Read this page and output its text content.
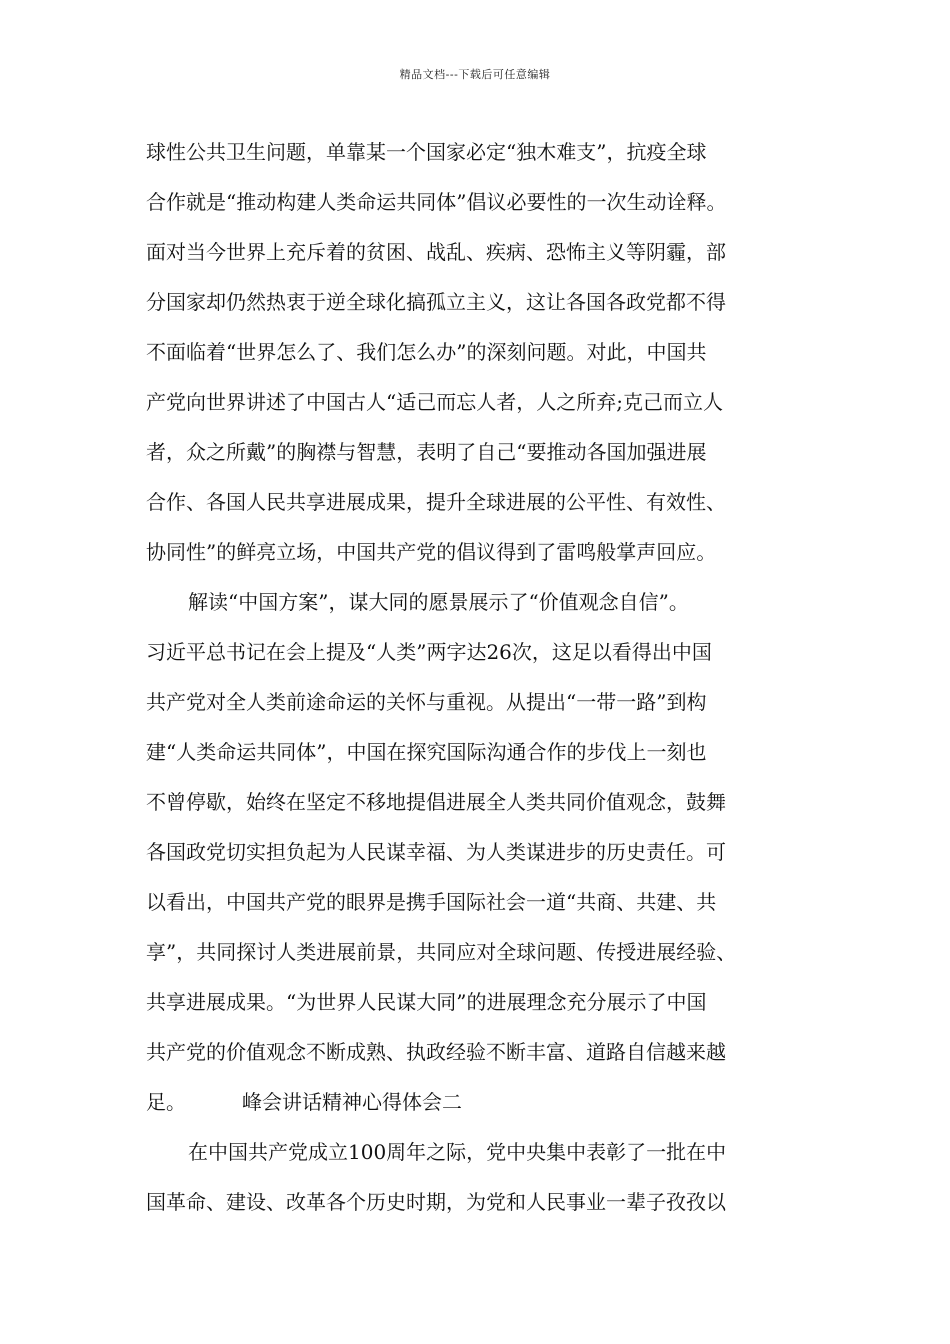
精品文档---下载后可任意编辑
球性公共卫生问题，单靠某一个国家必定“独木难支”，抗疫全球
合作就是“推动构建人类命运共同体”倡议必要性的一次生动诠释。
面对当今世界上充斥着的贫困、战乱、疾病、恐怖主义等阴霾，部
分国家却仍然热衷于逆全球化搞孤立主义，这让各国各政党都不得
不面临着“世界怎么了、我们怎么办”的深刻问题。对此，中国共
产党向世界讲述了中国古人“适己而忘人者，人之所弃;克己而立人
者，众之所戴”的胸襟与智慧，表明了自己“要推动各国加强进展
合作、各国人民共享进展成果，提升全球进展的公平性、有效性、
协同性”的鲜亮立场，中国共产党的倡议得到了雷鸣般掌声回应。
解读“中国方案”，谋大同的愿景展示了“价值观念自信”。
习近平总书记在会上提及“人类”两字达26次，这足以看得出中国
共产党对全人类前途命运的关怀与重视。从提出“一带一路”到构
建“人类命运共同体”，中国在探究国际沟通合作的步伐上一刻也
不曾停歇，始终在坚定不移地提倡进展全人类共同价值观念，鼓舞
各国政党切实担负起为人民谋幸福、为人类谋进步的历史责任。可
以看出，中国共产党的眼界是携手国际社会一道“共商、共建、共
享”，共同探讨人类进展前景，共同应对全球问题、传授进展经验、
共享进展成果。“为世界人民谋大同”的进展理念充分展示了中国
共产党的价值观念不断成熟、执政经验不断丰富、道路自信越来越
足。	峰会讲话精神心得体会二
在中国共产党成立100周年之际，党中央集中表彰了一批在中
国革命、建设、改革各个历史时期，为党和人民事业一辈子孜孜以
